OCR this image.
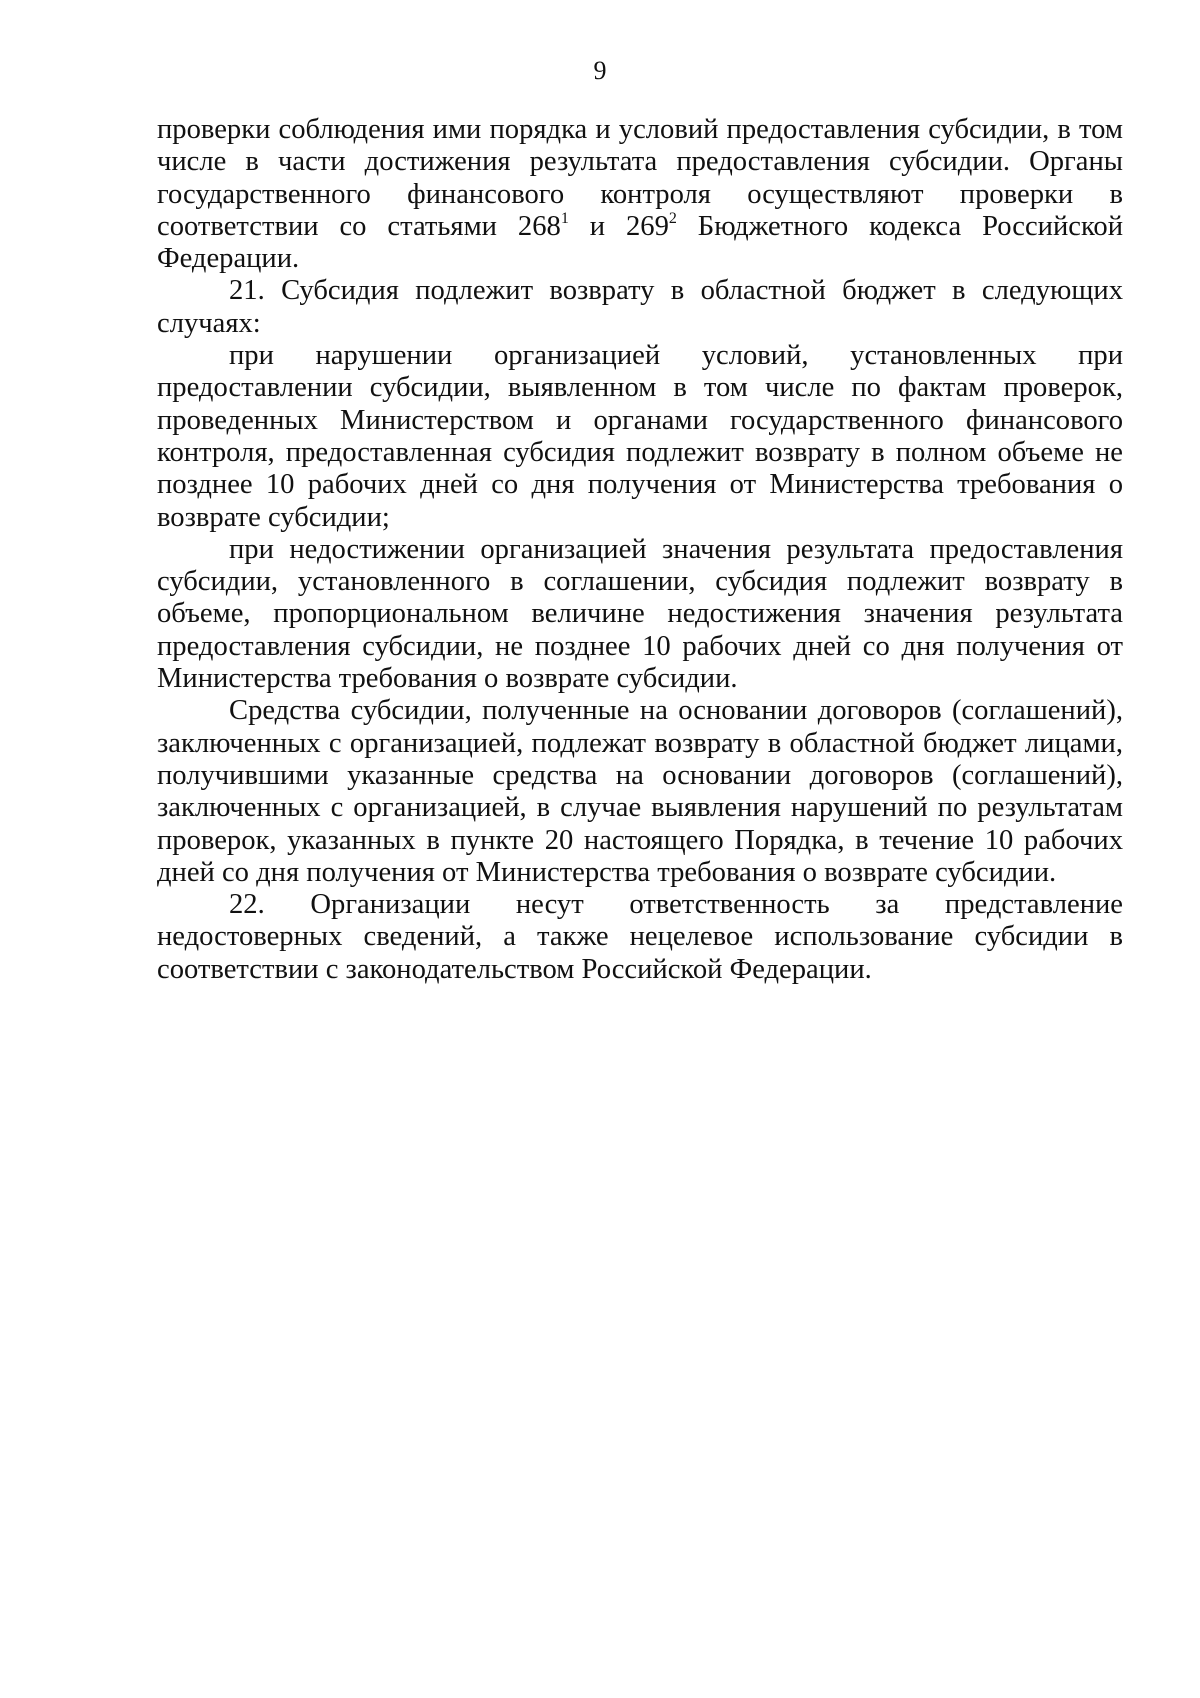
9

проверки соблюдения ими порядка и условий предоставления субсидии, в том числе в части достижения результата предоставления субсидии. Органы государственного финансового контроля осуществляют проверки в соответствии со статьями $268^1$ и $269^2$ Бюджетного кодекса Российской Федерации.

21. Субсидия подлежит возврату в областной бюджет в следующих случаях:

при нарушении организацией условий, установленных при предоставлении субсидии, выявленном в том числе по фактам проверок, проведенных Министерством и органами государственного финансового контроля, предоставленная субсидия подлежит возврату в полном объеме не позднее 10 рабочих дней со дня получения от Министерства требования о возврате субсидии;

при недостижении организацией значения результата предоставления субсидии, установленного в соглашении, субсидия подлежит возврату в объеме, пропорциональном величине недостижения значения результата предоставления субсидии, не позднее 10 рабочих дней со дня получения от Министерства требования о возврате субсидии.

Средства субсидии, полученные на основании договоров (соглашений), заключенных с организацией, подлежат возврату в областной бюджет лицами, получившими указанные средства на основании договоров (соглашений), заключенных с организацией, в случае выявления нарушений по результатам проверок, указанных в пункте 20 настоящего Порядка, в течение 10 рабочих дней со дня получения от Министерства требования о возврате субсидии.

22. Организации несут ответственность за представление недостоверных сведений, а также нецелевое использование субсидии в соответствии с законодательством Российской Федерации.
